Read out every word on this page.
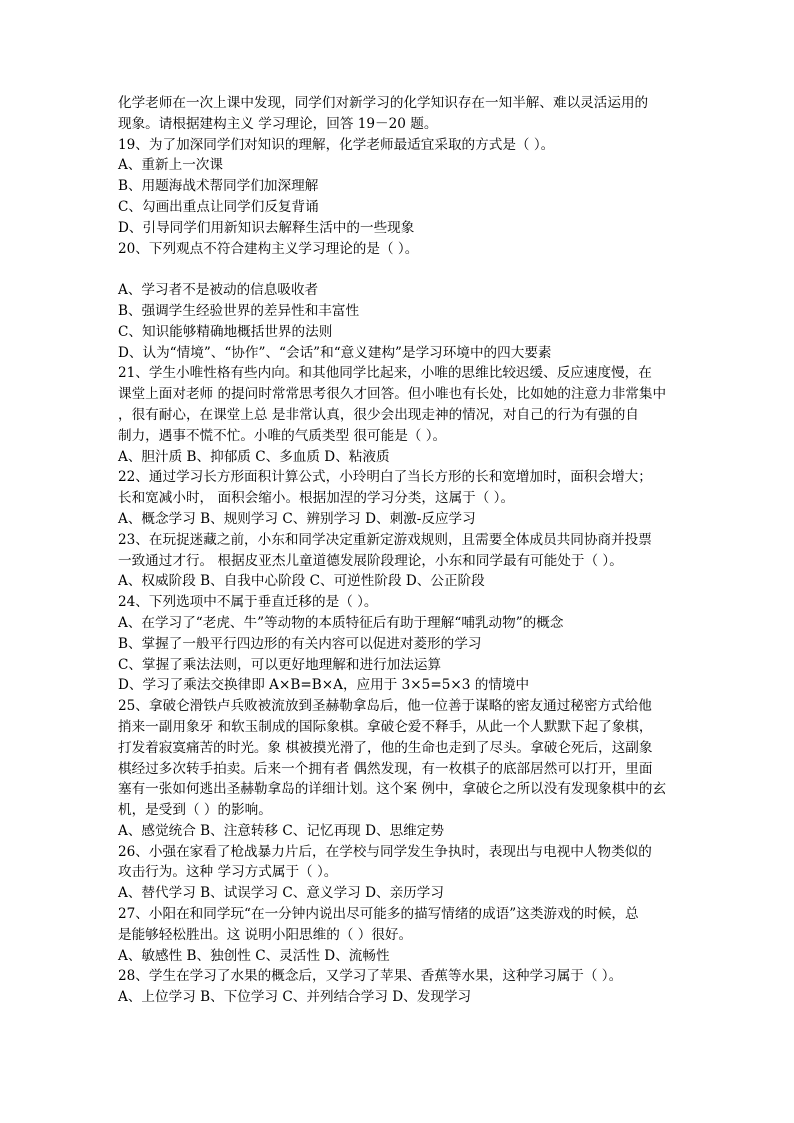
化学老师在一次上课中发现，同学们对新学习的化学知识存在一知半解、难以灵活运用的
现象。请根据建构主义 学习理论，回答 19－20 题。
19、为了加深同学们对知识的理解，化学老师最适宜采取的方式是（ ）。
A、重新上一次课
B、用题海战术帮同学们加深理解
C、勾画出重点让同学们反复背诵
D、引导同学们用新知识去解释生活中的一些现象
20、下列观点不符合建构主义学习理论的是（ ）。
A、学习者不是被动的信息吸收者
B、强调学生经验世界的差异性和丰富性
C、知识能够精确地概括世界的法则
D、认为“情境”、“协作”、“会话”和“意义建构”是学习环境中的四大要素
21、学生小唯性格有些内向。和其他同学比起来，小唯的思维比较迟缓、反应速度慢，在
课堂上面对老师 的提问时常常思考很久才回答。但小唯也有长处，比如她的注意力非常集中
，很有耐心，在课堂上总 是非常认真，很少会出现走神的情况，对自己的行为有强的自
制力，遇事不慌不忙。小唯的气质类型 很可能是（ ）。
A、胆汁质 B、抑郁质 C、多血质 D、粘液质
22、通过学习长方形面积计算公式，小玲明白了当长方形的长和宽增加时，面积会增大；
长和宽减小时， 面积会缩小。根据加涅的学习分类，这属于（ ）。
A、概念学习 B、规则学习 C、辨别学习 D、刺激-反应学习
23、在玩捉迷藏之前，小东和同学决定重新定游戏规则，且需要全体成员共同协商并投票
一致通过才行。 根据皮亚杰儿童道德发展阶段理论，小东和同学最有可能处于（ ）。
A、权威阶段 B、自我中心阶段 C、可逆性阶段 D、公正阶段
24、下列选项中不属于垂直迁移的是（ ）。
A、在学习了“老虎、牛”等动物的本质特征后有助于理解“哺乳动物”的概念
B、掌握了一般平行四边形的有关内容可以促进对菱形的学习
C、掌握了乘法法则，可以更好地理解和进行加法运算
D、学习了乘法交换律即 A×B=B×A，应用于 3×5=5×3 的情境中
25、拿破仑滑铁卢兵败被流放到圣赫勒拿岛后，他一位善于谋略的密友通过秘密方式给他
捎来一副用象牙 和软玉制成的国际象棋。拿破仑爱不释手，从此一个人默默下起了象棋，
打发着寂寞痛苦的时光。象 棋被摸光滑了，他的生命也走到了尽头。拿破仑死后，这副象
棋经过多次转手拍卖。后来一个拥有者 偶然发现，有一枚棋子的底部居然可以打开，里面
塞有一张如何逃出圣赫勒拿岛的详细计划。这个案 例中，拿破仑之所以没有发现象棋中的玄
机，是受到（ ）的影响。
A、感觉统合 B、注意转移 C、记忆再现 D、思维定势
26、小强在家看了枪战暴力片后，在学校与同学发生争执时，表现出与电视中人物类似的
攻击行为。这种 学习方式属于（ ）。
A、替代学习 B、试误学习 C、意义学习 D、亲历学习
27、小阳在和同学玩“在一分钟内说出尽可能多的描写情绪的成语”这类游戏的时候，总
是能够轻松胜出。这 说明小阳思维的（ ）很好。
A、敏感性 B、独创性 C、灵活性 D、流畅性
28、学生在学习了水果的概念后，又学习了苹果、香蕉等水果，这种学习属于（ ）。
A、上位学习 B、下位学习 C、并列结合学习 D、发现学习
